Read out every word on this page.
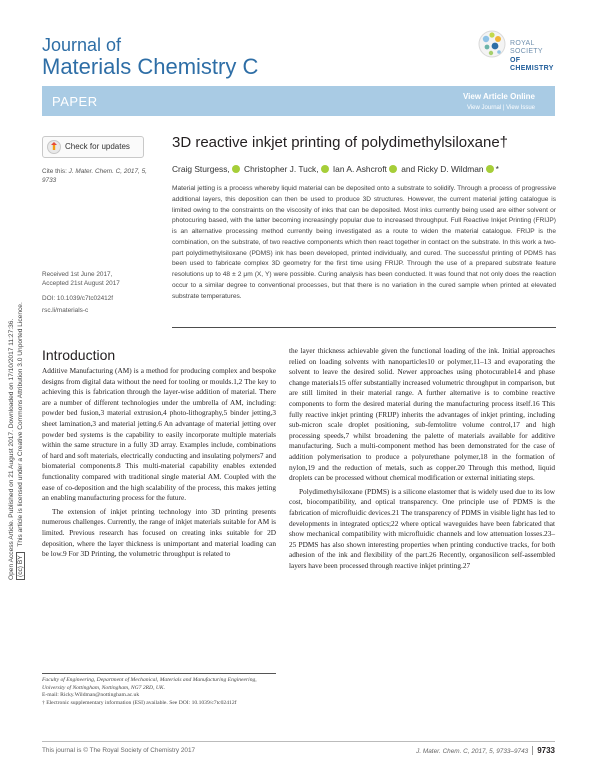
Journal of
Materials Chemistry C
ROYAL SOCIETY
OF CHEMISTRY
PAPER	View Article Online
View Journal | View Issue
Open Access Article. Published on 21 August 2017. Downloaded on 17/10/2017 11:27:36. (cc) BY This article is licensed under a Creative Commons Attribution 3.0 Unported Licence.
Check for updates	3D reactive inkjet printing of polydimethylsiloxane†
Craig Sturgess, Christopher J. Tuck, Ian A. Ashcroft and Ricky D. Wildman *
Cite this: J. Mater. Chem. C, 2017, 5, 9733
Received 1st June 2017,
Accepted 21st August 2017
DOI: 10.1039/c7tc02412f
rsc.li/materials-c
Material jetting is a process whereby liquid material can be deposited onto a substrate to solidify. Through a process of progressive additional layers, this deposition can then be used to produce 3D structures. However, the current material jetting catalogue is limited owing to the constraints on the viscosity of inks that can be deposited. Most inks currently being used are either solvent or photocuring based, with the latter becoming increasingly popular due to increased throughput. Full Reactive Inkjet Printing (FRIJP) is an alternative processing method currently being investigated as a route to widen the material catalogue. FRIJP is the combination, on the substrate, of two reactive components which then react together in contact on the substrate. In this work a two-part polydimethylsiloxane (PDMS) ink has been developed, printed individually, and cured. The successful printing of PDMS has been used to fabricate complex 3D geometry for the first time using FRIJP. Through the use of a prepared substrate feature resolutions up to 48 ± 2 μm (X, Y) were possible. Curing analysis has been conducted. It was found that not only does the reaction occur to a similar degree to conventional processes, but that there is no variation in the cured sample when printed at elevated substrate temperatures.
Introduction

Additive Manufacturing (AM) is a method for producing complex and bespoke designs from digital data without the need for tooling or moulds.1,2 The key to achieving this is fabrication through the layer-wise addition of material. There are a number of different technologies under the umbrella of AM, including: powder bed fusion,3 material extrusion,4 photo-lithography,5 binder jetting,3 sheet lamination,3 and material jetting.6 An advantage of material jetting over powder bed systems is the capability to easily incorporate multiple materials within the same structure in a fully 3D array. Examples include, combinations of hard and soft materials, electrically conducting and insulating polymers7 and biomaterial components.8 This multi-material capability enables extended functionality compared with traditional single material AM. Coupled with the ease of co-deposition and the high scalability of the process, this makes jetting an enabling manufacturing process for the future.

The extension of inkjet printing technology into 3D printing presents numerous challenges. Currently, the range of inkjet materials suitable for AM is limited. Previous research has focused on creating inks suitable for 2D deposition, where the layer thickness is unimportant and material loading can be low.9 For 3D Printing, the volumetric throughput is related to

the layer thickness achievable given the functional loading of the ink. Initial approaches relied on loading solvents with nanoparticles10 or polymer,11–13 and evaporating the solvent to leave the desired solid. Newer approaches using photocurable14 and phase change materials15 offer substantially increased volumetric throughput in comparison, but are still limited in their material range. A further alternative is to combine reactive components to form the desired material during the manufacturing process itself.16 This fully reactive inkjet printing (FRIJP) inherits the advantages of inkjet printing, including sub-micron scale droplet positioning, sub-femtolitre volume control,17 and high processing speeds,7 whilst broadening the palette of materials available for additive manufacturing. Such a multi-component method has been demonstrated for the case of addition polymerisation to produce a polyurethane polymer,18 in the formation of nylon,19 and the reduction of metals, such as copper.20 Through this method, liquid droplets can be processed without chemical modification or external initiating steps.

Polydimethylsiloxane (PDMS) is a silicone elastomer that is widely used due to its low cost, biocompatibility, and optical transparency. One principle use of PDMS is the fabrication of microfluidic devices.21 The transparency of PDMS in visible light has led to developments in integrated optics;22 where optical waveguides have been fabricated that show mechanical compatibility with microfluidic channels and low attenuation losses.23–25 PDMS has also shown interesting properties when printing conductive tracks, for both adhesion of the ink and flexibility of the part.26 Recently, organosilicon self-assembled layers have been processed through reactive inkjet printing.27

Faculty of Engineering, Department of Mechanical, Materials and Manufacturing Engineering, University of Nottingham, Nottingham, NG7 2RD, UK.
E-mail: Ricky.Wildman@nottingham.ac.uk
† Electronic supplementary information (ESI) available. See DOI: 10.1039/c7tc02412f
This journal is © The Royal Society of Chemistry 2017	J. Mater. Chem. C, 2017, 5, 9733–9743 9733
